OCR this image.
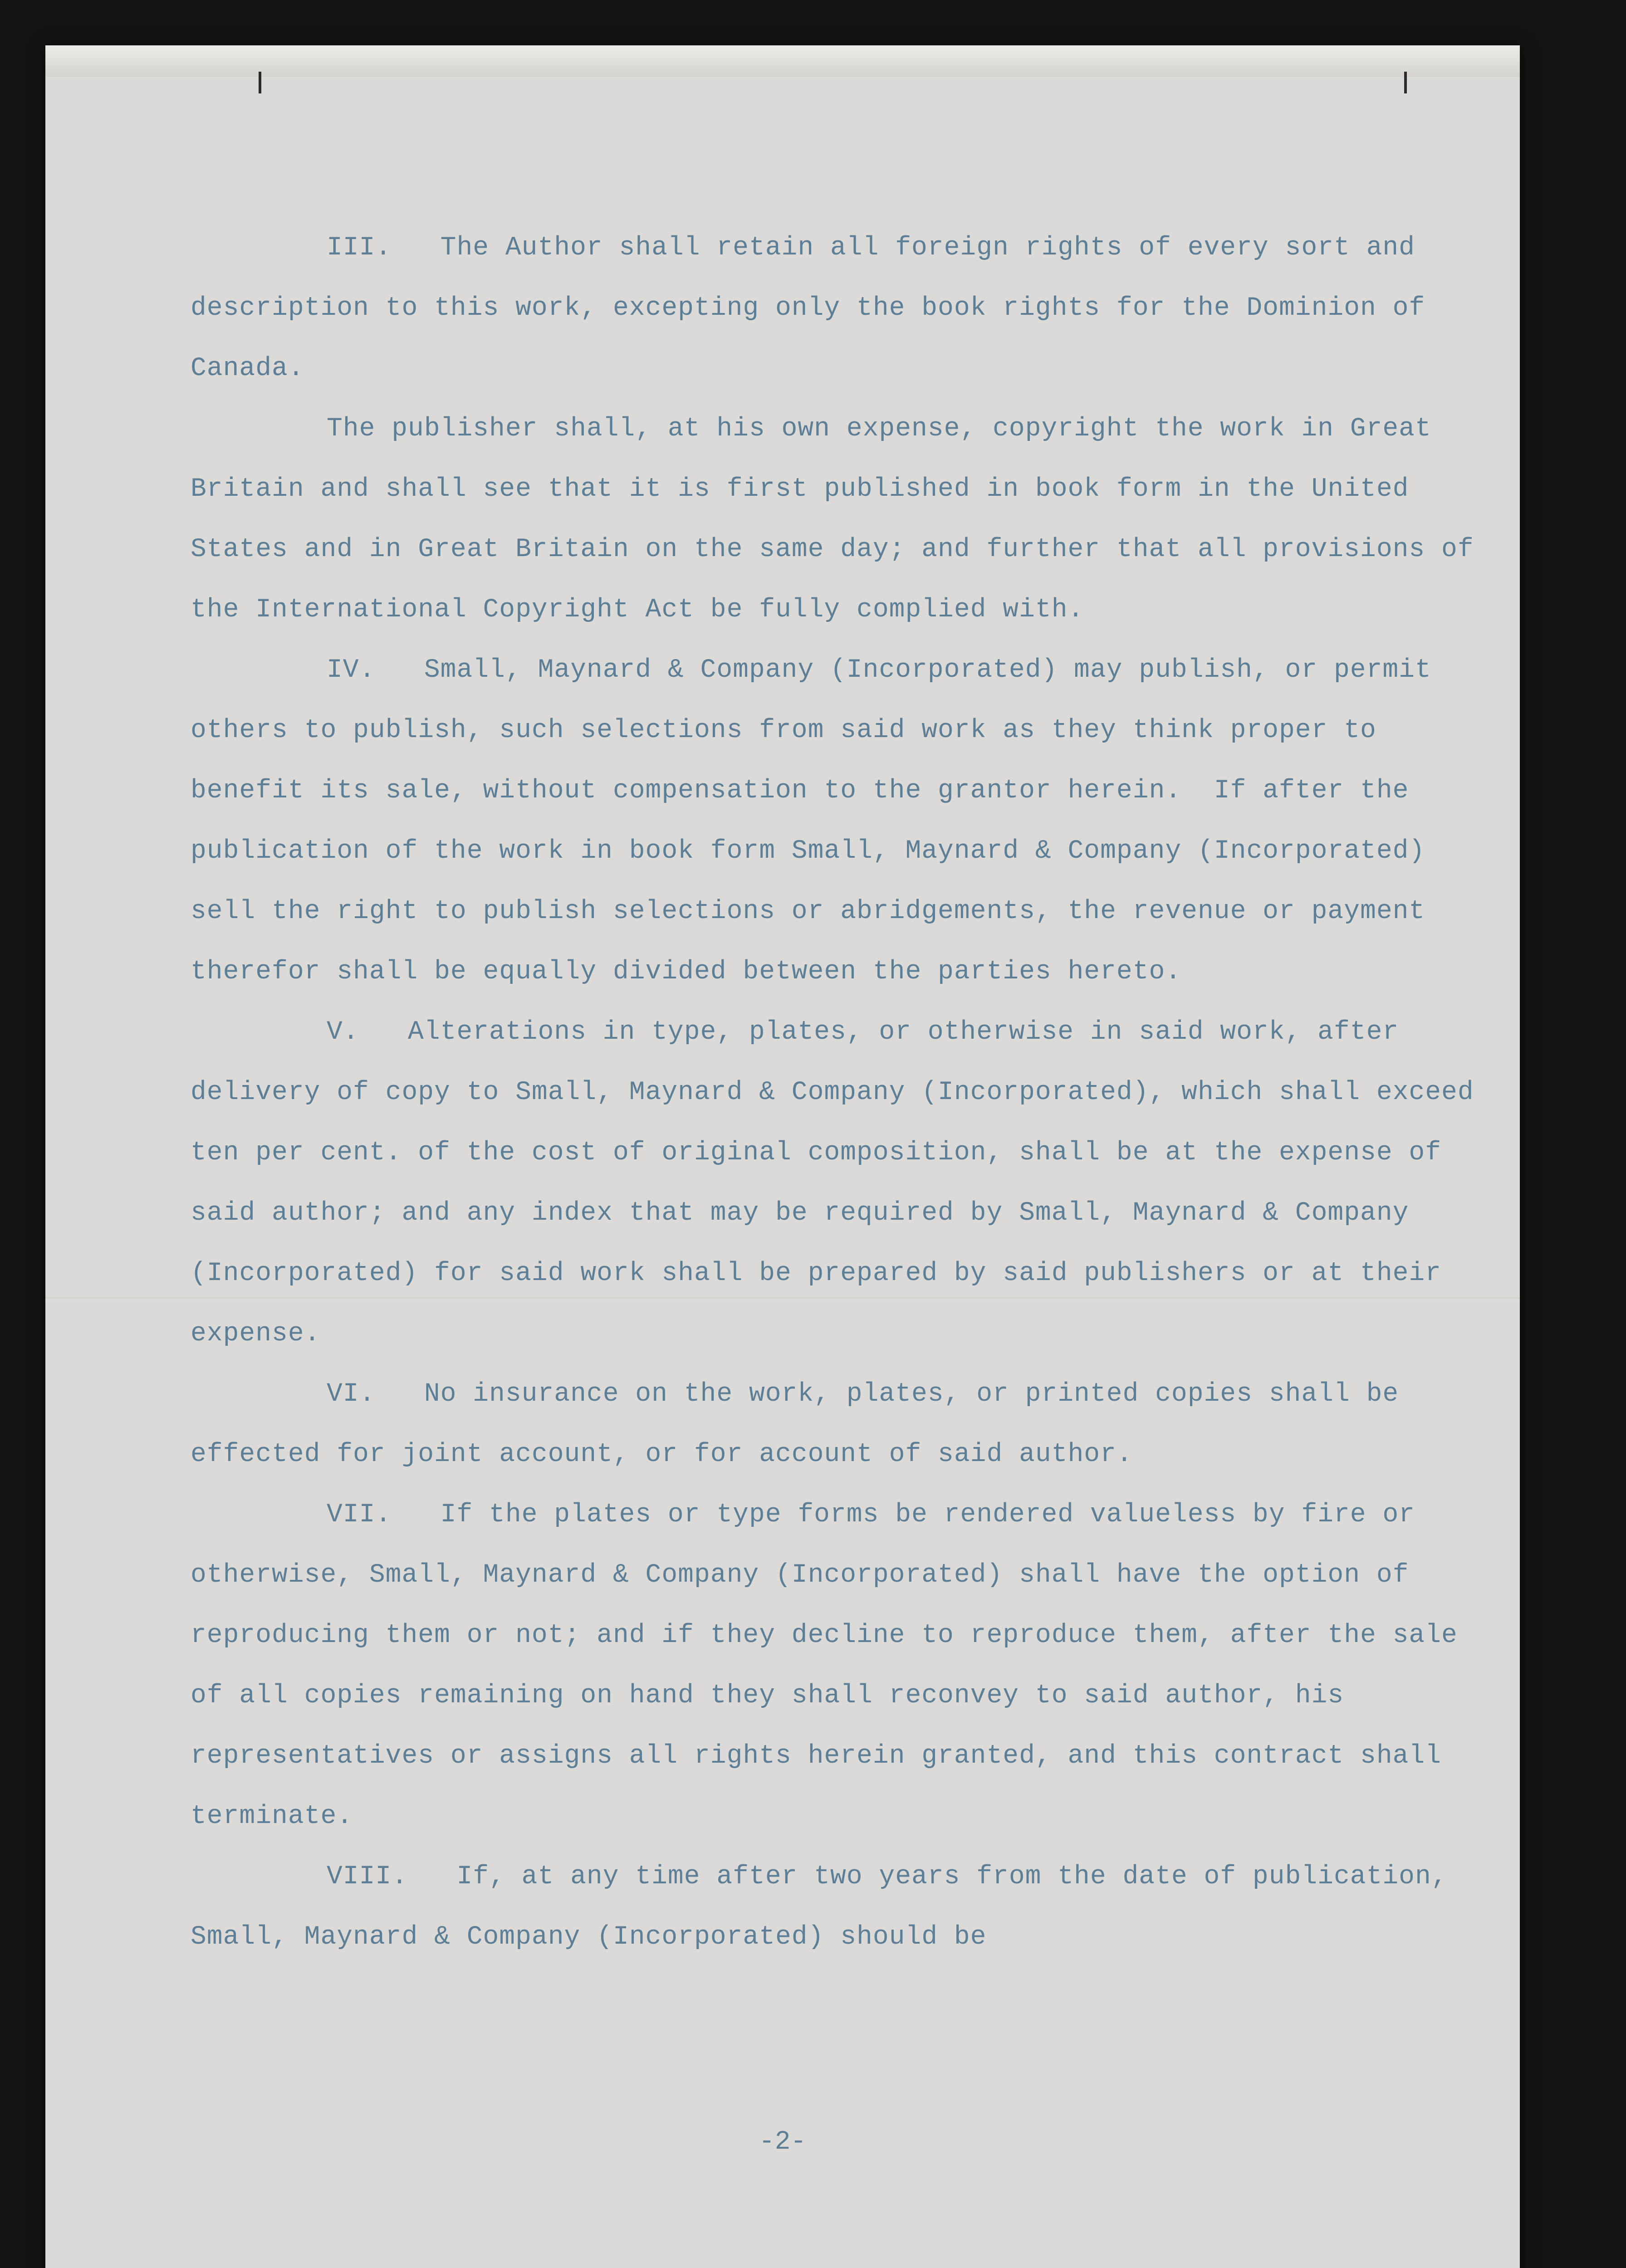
III.   The Author shall retain all foreign rights of every sort and description to this work, excepting only the book rights for the Dominion of Canada.

The publisher shall, at his own expense, copyright the work in Great Britain and shall see that it is first published in book form in the United States and in Great Britain on the same day; and further that all provisions of the International Copyright Act be fully complied with.

IV.   Small, Maynard & Company (Incorporated) may publish, or permit others to publish, such selections from said work as they think proper to benefit its sale, without compensation to the grantor herein.  If after the publication of the work in book form Small, Maynard & Company (Incorporated) sell the right to publish selections or abridgements, the revenue or payment therefor shall be equally divided between the parties hereto.

V.   Alterations in type, plates, or otherwise in said work, after delivery of copy to Small, Maynard & Company (Incorporated), which shall exceed ten per cent. of the cost of original composition, shall be at the expense of said author; and any index that may be required by Small, Maynard & Company (Incorporated) for said work shall be prepared by said publishers or at their expense.

VI.   No insurance on the work, plates, or printed copies shall be effected for joint account, or for account of said author.

VII.   If the plates or type forms be rendered valueless by fire or otherwise, Small, Maynard & Company (Incorporated) shall have the option of reproducing them or not; and if they decline to reproduce them, after the sale of all copies remaining on hand they shall reconvey to said author, his representatives or assigns all rights herein granted, and this contract shall terminate.

VIII.   If, at any time after two years from the date of publication, Small, Maynard & Company (Incorporated) should be

-2-
